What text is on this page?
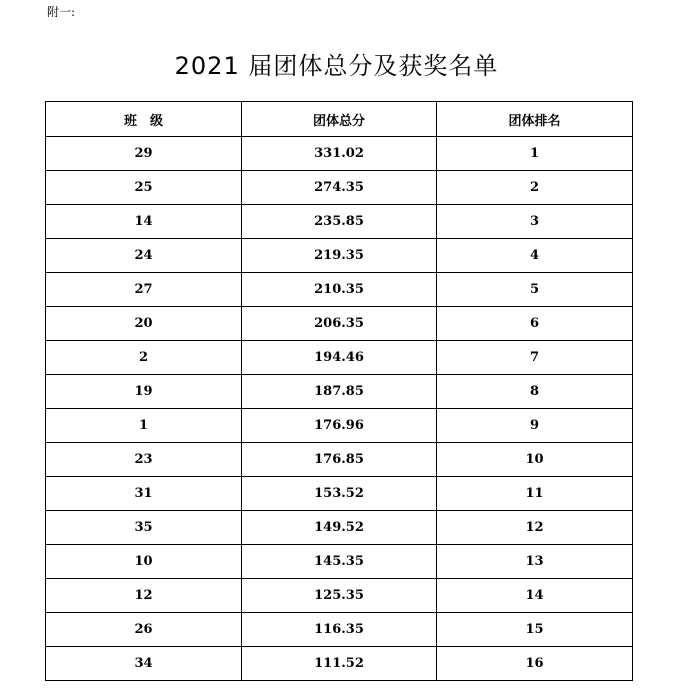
附一:
2021 届团体总分及获奖名单
班　级	团体总分	团体排名
29	331.02	1
25	274.35	2
14	235.85	3
24	219.35	4
27	210.35	5
20	206.35	6
2	194.46	7
19	187.85	8
1	176.96	9
23	176.85	10
31	153.52	11
35	149.52	12
10	145.35	13
12	125.35	14
26	116.35	15
34	111.52	16
